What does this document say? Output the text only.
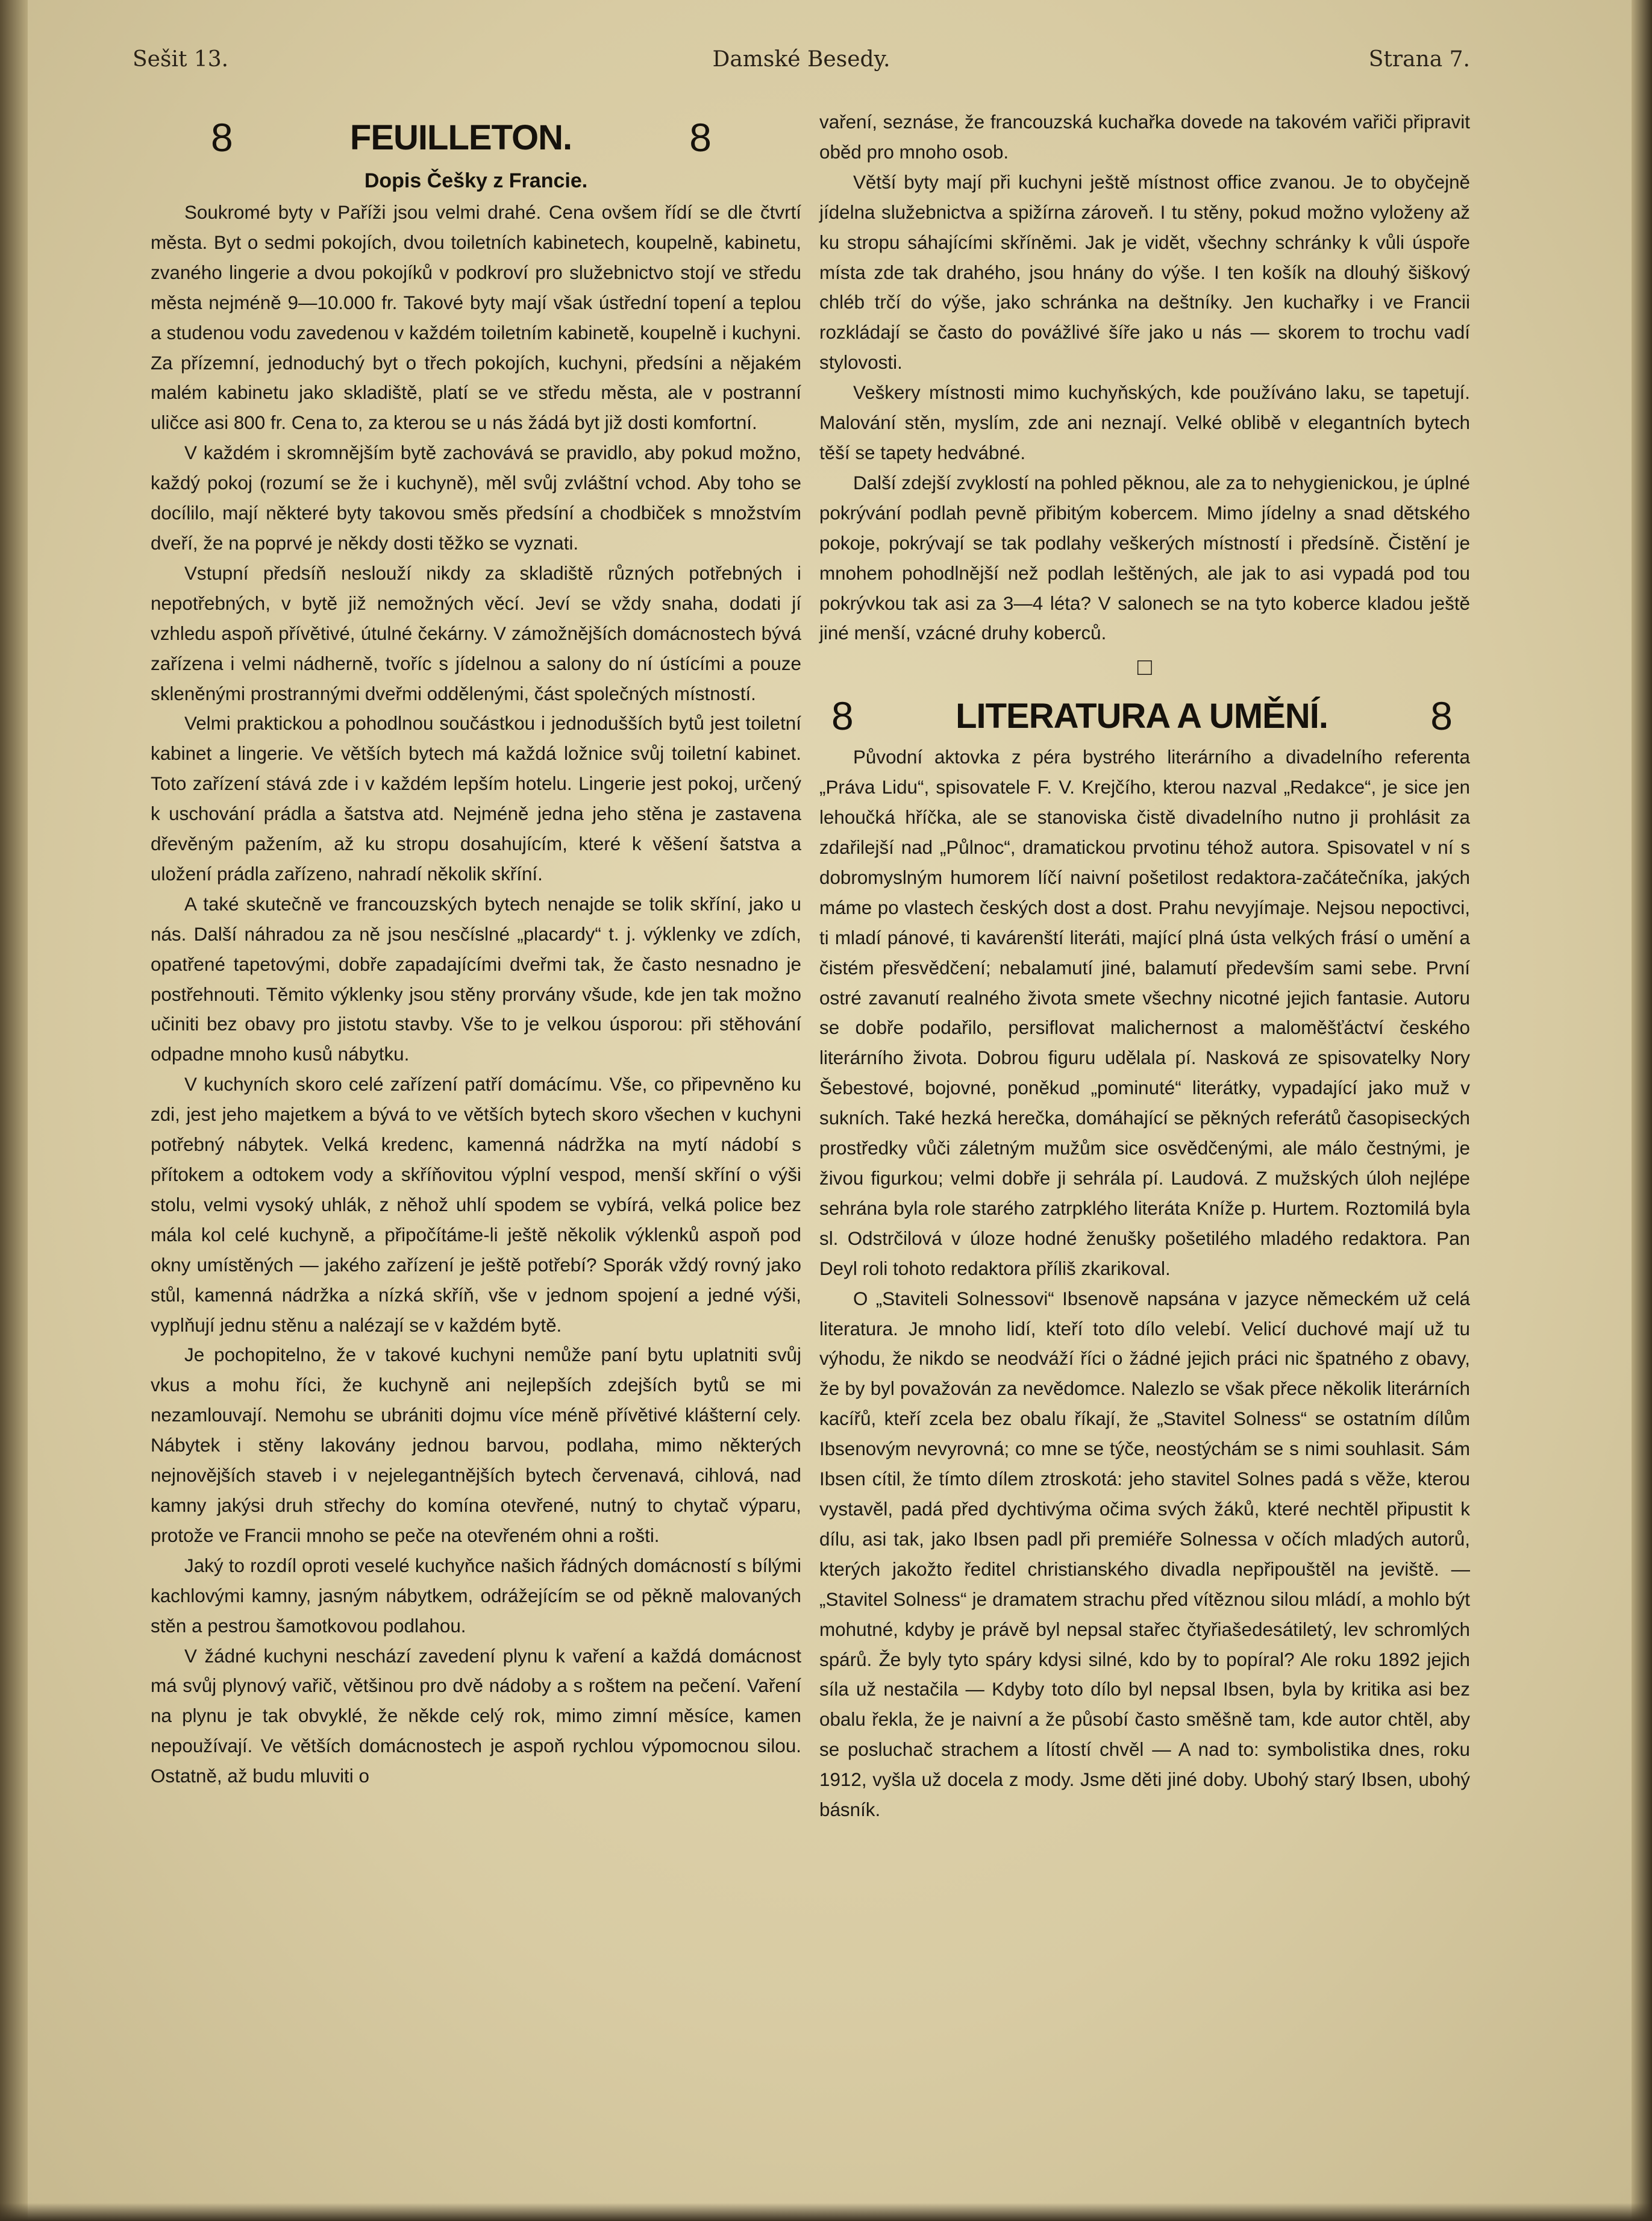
Sešit 13.	Damské Besedy.	Strana 7.
8	FEUILLETON.	8
Dopis Češky z Francie.

Soukromé byty v Paříži jsou velmi drahé. Cena ovšem řídí se dle čtvrtí města. Byt o sedmi pokojích, dvou toiletních kabinetech, koupelně, kabinetu, zvaného lingerie a dvou pokojíků v podkroví pro služebnictvo stojí ve středu města nejméně 9—10.000 fr. Takové byty mají však ústřední topení a teplou a studenou vodu zavedenou v každém toiletním kabinetě, koupelně i kuchyni. Za přízemní, jednoduchý byt o třech pokojích, kuchyni, předsíni a nějakém malém kabinetu jako skladiště, platí se ve středu města, ale v postranní uličce asi 800 fr. Cena to, za kterou se u nás žádá byt již dosti komfortní.

V každém i skromnějším bytě zachovává se pravidlo, aby pokud možno, každý pokoj (rozumí se že i kuchyně), měl svůj zvláštní vchod. Aby toho se docílilo, mají některé byty takovou směs předsíní a chodbiček s množstvím dveří, že na poprvé je někdy dosti těžko se vyznati.

Vstupní předsíň neslouží nikdy za skladiště různých potřebných i nepotřebných, v bytě již nemožných věcí. Jeví se vždy snaha, dodati jí vzhledu aspoň přívětivé, útulné čekárny. V zámožnějších domácnostech bývá zařízena i velmi nádherně, tvoříc s jídelnou a salony do ní ústícími a pouze skleněnými prostrannými dveřmi oddělenými, část společných místností.

Velmi praktickou a pohodlnou součástkou i jednodušších bytů jest toiletní kabinet a lingerie. Ve větších bytech má každá ložnice svůj toiletní kabinet. Toto zařízení stává zde i v každém lepším hotelu. Lingerie jest pokoj, určený k uschování prádla a šatstva atd. Nejméně jedna jeho stěna je zastavena dřevěným pažením, až ku stropu dosahujícím, které k věšení šatstva a uložení prádla zařízeno, nahradí několik skříní.

A také skutečně ve francouzských bytech nenajde se tolik skříní, jako u nás. Další náhradou za ně jsou nesčíslné „placardy“ t. j. výklenky ve zdích, opatřené tapetovými, dobře zapadajícími dveřmi tak, že často nesnadno je postřehnouti. Těmito výklenky jsou stěny prorvány všude, kde jen tak možno učiniti bez obavy pro jistotu stavby. Vše to je velkou úsporou: při stěhování odpadne mnoho kusů nábytku.

V kuchyních skoro celé zařízení patří domácímu. Vše, co připevněno ku zdi, jest jeho majetkem a bývá to ve větších bytech skoro všechen v kuchyni potřebný nábytek. Velká kredenc, kamenná nádržka na mytí nádobí s přítokem a odtokem vody a skříňovitou výplní vespod, menší skříní o výši stolu, velmi vysoký uhlák, z něhož uhlí spodem se vybírá, velká police bez mála kol celé kuchyně, a připočítáme-li ještě několik výklenků aspoň pod okny umístěných — jakého zařízení je ještě potřebí? Sporák vždý rovný jako stůl, kamenná nádržka a nízká skříň, vše v jednom spojení a jedné výši, vyplňují jednu stěnu a nalézají se v každém bytě.

Je pochopitelno, že v takové kuchyni nemůže paní bytu uplatniti svůj vkus a mohu říci, že kuchyně ani nejlepších zdejších bytů se mi nezamlouvají. Nemohu se ubrániti dojmu více méně přívětivé klášterní cely. Nábytek i stěny lakovány jednou barvou, podlaha, mimo některých nejnovějších staveb i v nejelegantnějších bytech červenavá, cihlová, nad kamny jakýsi druh střechy do komína otevřené, nutný to chytač výparu, protože ve Francii mnoho se peče na otevřeném ohni a rošti.

Jaký to rozdíl oproti veselé kuchyňce našich řádných domácností s bílými kachlovými kamny, jasným nábytkem, odrážejícím se od pěkně malovaných stěn a pestrou šamotkovou podlahou.

V žádné kuchyni neschází zavedení plynu k vaření a každá domácnost má svůj plynový vařič, většinou pro dvě nádoby a s roštem na pečení. Vaření na plynu je tak obvyklé, že někde celý rok, mimo zimní měsíce, kamen nepoužívají. Ve větších domácnostech je aspoň rychlou výpomocnou silou. Ostatně, až budu mluviti o

vaření, seznáse, že francouzská kuchařka dovede na takovém vařiči připravit oběd pro mnoho osob.

Větší byty mají při kuchyni ještě místnost office zvanou. Je to obyčejně jídelna služebnictva a spižírna zároveň. I tu stěny, pokud možno vyloženy až ku stropu sáhajícími skříněmi. Jak je vidět, všechny schránky k vůli úspoře místa zde tak drahého, jsou hnány do výše. I ten košík na dlouhý šiškový chléb trčí do výše, jako schránka na deštníky. Jen kuchařky i ve Francii rozkládají se často do povážlivé šíře jako u nás — skorem to trochu vadí stylovosti.

Veškery místnosti mimo kuchyňských, kde používáno laku, se tapetují. Malování stěn, myslím, zde ani neznají. Velké oblibě v elegantních bytech těší se tapety hedvábné.

Další zdejší zvyklostí na pohled pěknou, ale za to nehygienickou, je úplné pokrývání podlah pevně přibitým kobercem. Mimo jídelny a snad dětského pokoje, pokrývají se tak podlahy veškerých místností i předsíně. Čistění je mnohem pohodlnější než podlah leštěných, ale jak to asi vypadá pod tou pokrývkou tak asi za 3—4 léta? V salonech se na tyto koberce kladou ještě jiné menší, vzácné druhy koberců.

□
8	LITERATURA A UMĚNÍ.	8

Původní aktovka z péra bystrého literárního a divadelního referenta „Práva Lidu“, spisovatele F. V. Krejčího, kterou nazval „Redakce“, je sice jen lehoučká hříčka, ale se stanoviska čistě divadelního nutno ji prohlásit za zdařilejší nad „Půlnoc“, dramatickou prvotinu téhož autora. Spisovatel v ní s dobromyslným humorem líčí naivní pošetilost redaktora-začátečníka, jakých máme po vlastech českých dost a dost. Prahu nevyjímaje. Nejsou nepoctivci, ti mladí pánové, ti kavárenští literáti, mající plná ústa velkých frásí o umění a čistém přesvědčení; nebalamutí jiné, balamutí především sami sebe. První ostré zavanutí realného života smete všechny nicotné jejich fantasie. Autoru se dobře podařilo, persiflovat malichernost a maloměšťáctví českého literárního života. Dobrou figuru udělala pí. Nasková ze spisovatelky Nory Šebestové, bojovné, poněkud „pominuté“ literátky, vypadající jako muž v sukních. Také hezká herečka, domáhající se pěkných referátů časopiseckých prostředky vůči záletným mužům sice osvědčenými, ale málo čestnými, je živou figurkou; velmi dobře ji sehrála pí. Laudová. Z mužských úloh nejlépe sehrána byla role starého zatrpklého literáta Kníže p. Hurtem. Roztomilá byla sl. Odstrčilová v úloze hodné ženušky pošetilého mladého redaktora. Pan Deyl roli tohoto redaktora příliš zkarikoval.

O „Staviteli Solnessovi“ Ibsenově napsána v jazyce německém už celá literatura. Je mnoho lidí, kteří toto dílo velebí. Velicí duchové mají už tu výhodu, že nikdo se neodváží říci o žádné jejich práci nic špatného z obavy, že by byl považován za nevědomce. Nalezlo se však přece několik literárních kacířů, kteří zcela bez obalu říkají, že „Stavitel Solness“ se ostatním dílům Ibsenovým nevyrovná; co mne se týče, neostýchám se s nimi souhlasit. Sám Ibsen cítil, že tímto dílem ztroskotá: jeho stavitel Solnes padá s věže, kterou vystavěl, padá před dychtivýma očima svých žáků, které nechtěl připustit k dílu, asi tak, jako Ibsen padl při premiéře Solnessa v očích mladých autorů, kterých jakožto ředitel christianského divadla nepřipouštěl na jeviště. — „Stavitel Solness“ je dramatem strachu před vítěznou silou mládí, a mohlo být mohutné, kdyby je právě byl nepsal stařec čtyřiašedesátiletý, lev schromlých spárů. Že byly tyto spáry kdysi silné, kdo by to popíral? Ale roku 1892 jejich síla už nestačila — Kdyby toto dílo byl nepsal Ibsen, byla by kritika asi bez obalu řekla, že je naivní a že působí často směšně tam, kde autor chtěl, aby se posluchač strachem a lítostí chvěl — A nad to: symbolistika dnes, roku 1912, vyšla už docela z mody. Jsme děti jiné doby. Ubohý starý Ibsen, ubohý básník.
